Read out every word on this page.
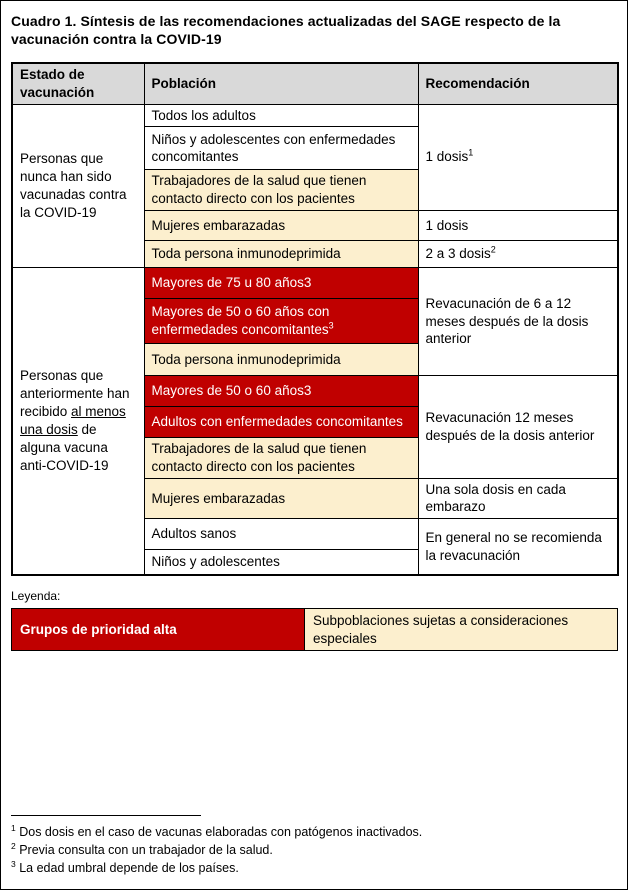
Cuadro 1. Síntesis de las recomendaciones actualizadas del SAGE respecto de la vacunación contra la COVID-19

Estado de vacunación	Población	Recomendación
Personas que nunca han sido vacunadas contra la COVID-19	Todos los adultos	1 dosis$^1$
	Niños y adolescentes con enfermedades concomitantes	
	Trabajadores de la salud que tienen contacto directo con los pacientes	
	Mujeres embarazadas	1 dosis
	Toda persona inmunodeprimida	2 a 3 dosis$^2$
Personas que anteriormente han recibido al menos una dosis de alguna vacuna anti-COVID-19	Mayores de 75 u 80 años3	Revacunación de 6 a 12 meses después de la dosis anterior
	Mayores de 50 o 60 años con enfermedades concomitantes$^3$
	Toda persona inmunodeprimida	
	Mayores de 50 o 60 años3	Revacunación 12 meses después de la dosis anterior
	Adultos con enfermedades concomitantes	
	Trabajadores de la salud que tienen contacto directo con los pacientes	
	Mujeres embarazadas	Una sola dosis en cada embarazo
	Adultos sanos	En general no se recomienda la revacunación
	Niños y adolescentes	

Leyenda:

Grupos de prioridad alta	Subpoblaciones sujetas a consideraciones especiales
$^1$ Dos dosis en el caso de vacunas elaboradas con patógenos inactivados.
$^2$ Previa consulta con un trabajador de la salud.
$^3$ La edad umbral depende de los países.
